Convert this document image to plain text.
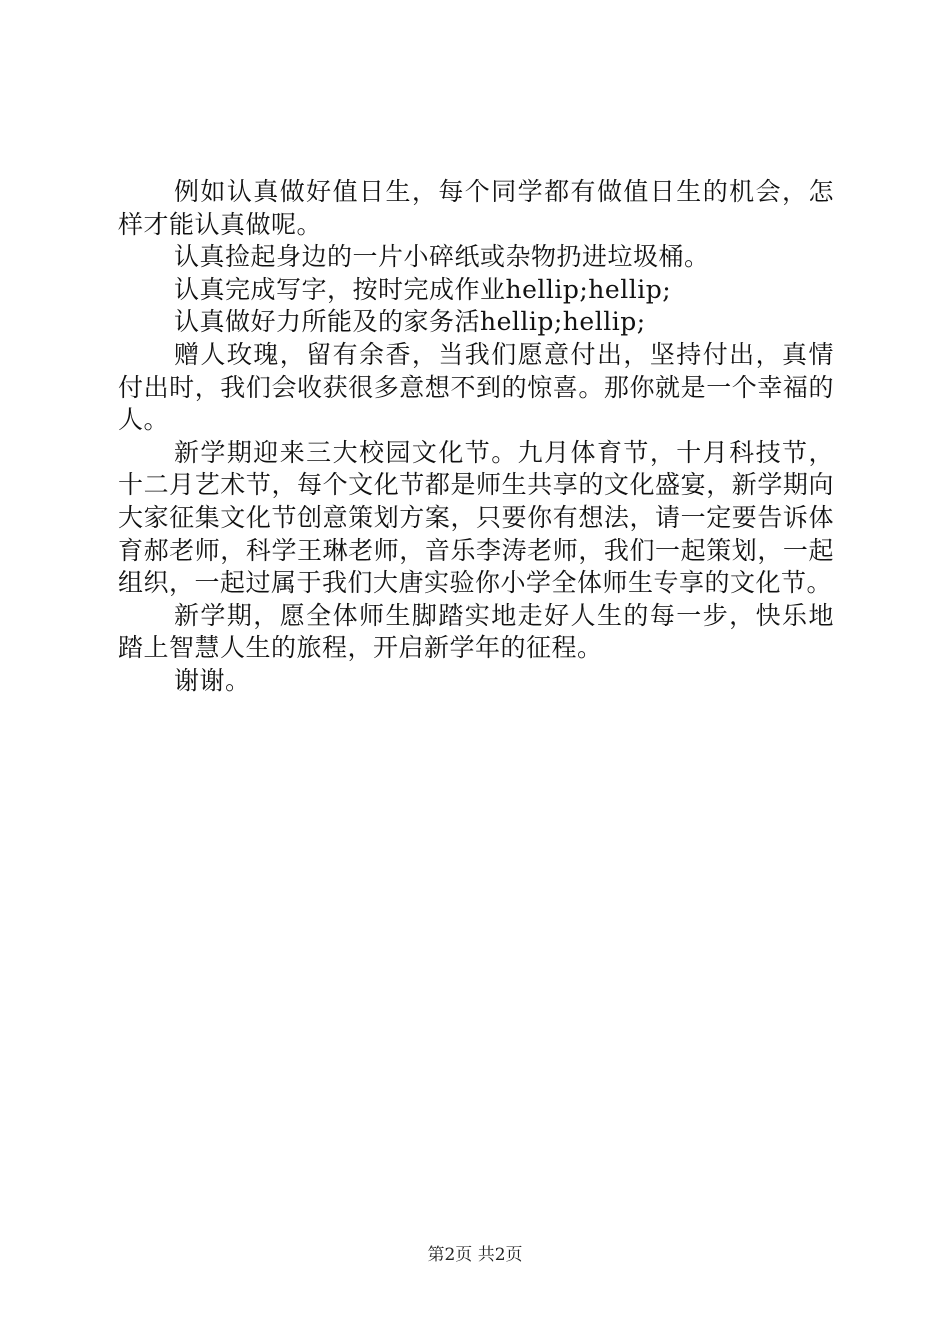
例如认真做好值日生，每个同学都有做值日生的机会，怎样才能认真做呢。

认真捡起身边的一片小碎纸或杂物扔进垃圾桶。

认真完成写字，按时完成作业hellip;hellip;

认真做好力所能及的家务活hellip;hellip;

赠人玫瑰，留有余香，当我们愿意付出，坚持付出，真情付出时，我们会收获很多意想不到的惊喜。那你就是一个幸福的人。

新学期迎来三大校园文化节。九月体育节，十月科技节，十二月艺术节，每个文化节都是师生共享的文化盛宴，新学期向大家征集文化节创意策划方案，只要你有想法，请一定要告诉体育郝老师，科学王琳老师，音乐李涛老师，我们一起策划，一起组织，一起过属于我们大唐实验你小学全体师生专享的文化节。

新学期，愿全体师生脚踏实地走好人生的每一步，快乐地踏上智慧人生的旅程，开启新学年的征程。

谢谢。

第2页 共2页
